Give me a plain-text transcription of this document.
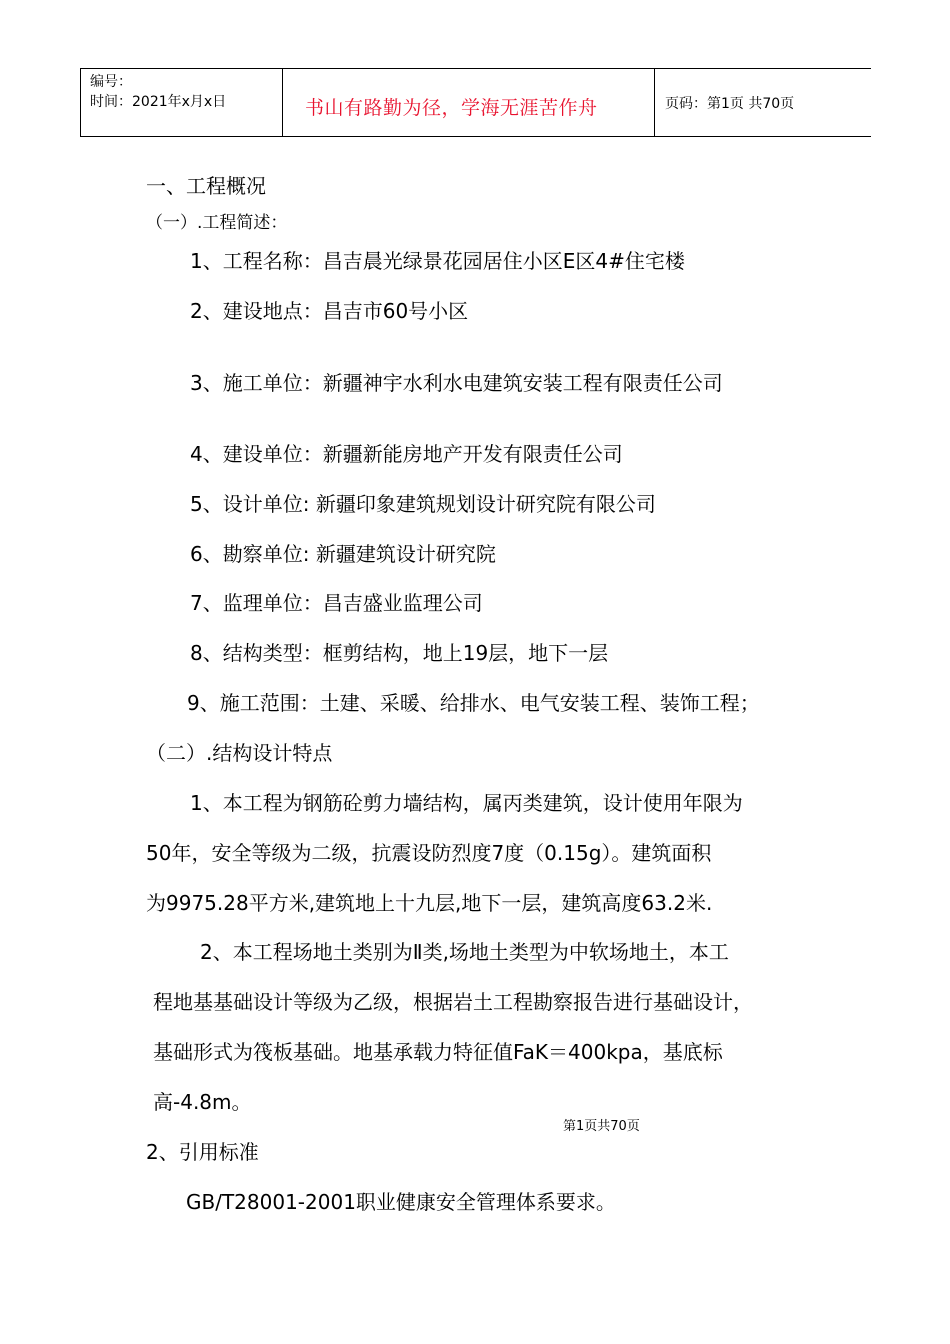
编号：
时间：2021年x月x日	书山有路勤为径，学海无涯苦作舟	页码：第1页 共70页
一、工程概况
（一）.工程简述：
1、工程名称：昌吉晨光绿景花园居住小区E区4#住宅楼
2、建设地点：昌吉市60号小区
3、施工单位：新疆神宇水利水电建筑安装工程有限责任公司
4、建设单位：新疆新能房地产开发有限责任公司
5、设计单位: 新疆印象建筑规划设计研究院有限公司
6、勘察单位: 新疆建筑设计研究院
7、监理单位：昌吉盛业监理公司
8、结构类型：框剪结构，地上19层，地下一层
9、施工范围：土建、采暖、给排水、电气安装工程、装饰工程；
（二）.结构设计特点
1、本工程为钢筋砼剪力墙结构，属丙类建筑，设计使用年限为
50年，安全等级为二级，抗震设防烈度7度（0.15g）。建筑面积
为9975.28平方米,建筑地上十九层,地下一层，建筑高度63.2米.
2、本工程场地土类别为Ⅱ类,场地土类型为中软场地土，本工
程地基基础设计等级为乙级，根据岩土工程勘察报告进行基础设计，
基础形式为筏板基础。地基承载力特征值FaK＝400kpa，基底标
高-4.8m。
第1页共70页
2、引用标准
GB/T28001-2001职业健康安全管理体系要求。
